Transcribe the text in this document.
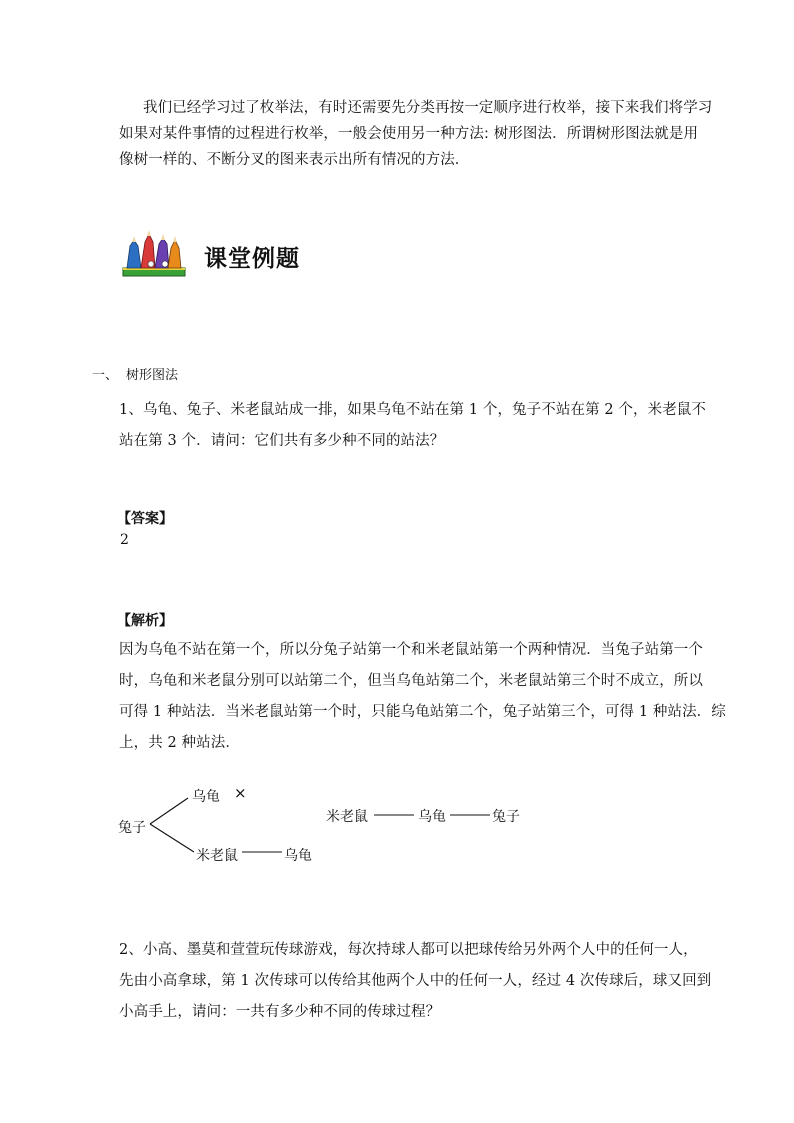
我们已经学习过了枚举法，有时还需要先分类再按一定顺序进行枚举，接下来我们将学习
如果对某件事情的过程进行枚举，一般会使用另一种方法: 树形图法．所谓树形图法就是用
像树一样的、不断分叉的图来表示出所有情况的方法．
课堂例题
一、 树形图法
1、乌龟、兔子、米老鼠站成一排，如果乌龟不站在第 1 个，兔子不站在第 2 个，米老鼠不
站在第 3 个．请问：它们共有多少种不同的站法？
【答案】
2
【解析】
因为乌龟不站在第一个，所以分兔子站第一个和米老鼠站第一个两种情况．当兔子站第一个
时，乌龟和米老鼠分别可以站第二个，但当乌龟站第二个，米老鼠站第三个时不成立，所以
可得 1 种站法．当米老鼠站第一个时，只能乌龟站第二个，兔子站第三个，可得 1 种站法．综
上，共 2 种站法．
兔子
乌龟 ×
米老鼠	乌龟
米老鼠	乌龟	兔子
2、小高、墨莫和萱萱玩传球游戏，每次持球人都可以把球传给另外两个人中的任何一人，
先由小高拿球，第 1 次传球可以传给其他两个人中的任何一人，经过 4 次传球后，球又回到
小高手上，请问：一共有多少种不同的传球过程？
